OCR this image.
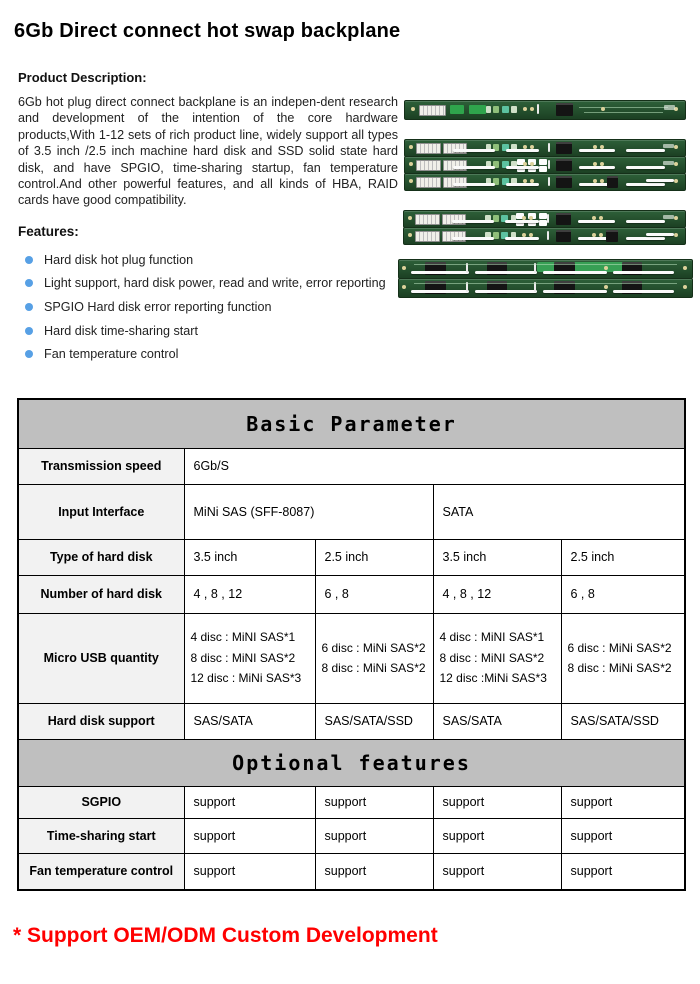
6Gb Direct connect hot swap backplane
Product Description:
6Gb hot plug direct connect backplane is an indepen-dent research and development of the intention of the core hardware products,With 1-12 sets of rich product line, widely support all types of 3.5 inch /2.5 inch machine hard disk and SSD solid state hard disk, and have SPGIO, time-sharing startup, fan temperature control.And other powerful features, and all kinds of HBA, RAID cards have good compatibility.
Features:
Hard disk hot plug function
Light support, hard disk power, read and write, error reporting
SPGIO Hard disk error reporting function
Hard disk time-sharing start
Fan temperature control
Basic Parameter				
Transmission speed	6Gb/S			
Input Interface	MiNi SAS (SFF-8087)		SATA	
Type of hard disk	3.5 inch	2.5 inch	3.5 inch	2.5 inch
Number of hard disk	4 , 8 , 12	6 , 8	4 , 8 , 12	6 , 8
Micro USB quantity	
4 disc : MiNI SAS*1
8 disc : MiNI SAS*2
12 disc : MiNi SAS*3

6 disc : MiNi SAS*2
8 disc : MiNi SAS*2

4 disc : MiNI SAS*1
8 disc : MiNI SAS*2
12 disc :MiNi SAS*3

6 disc : MiNi SAS*2
8 disc : MiNi SAS*2

Hard disk support	SAS/SATA	SAS/SATA/SSD	SAS/SATA	SAS/SATA/SSD
Optional features				
SGPIO	support	support	support	support
Time-sharing start	support	support	support	support
Fan temperature control	support	support	support	support
* Support OEM/ODM Custom Development
